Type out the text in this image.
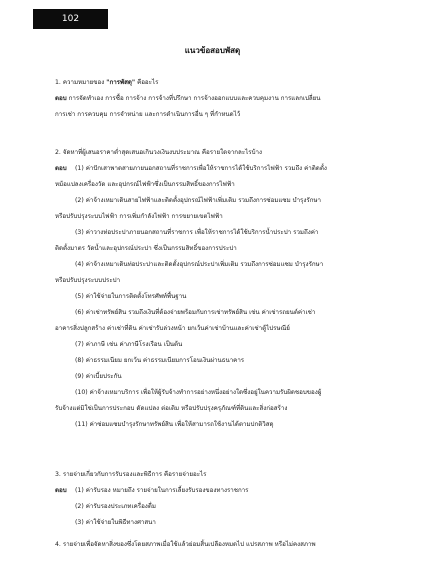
102
แนวข้อสอบพัสดุ
1. ความหมายของ "การพัสดุ" คืออะไร
ตอบ การจัดทำเอง การซื้อ การจ้าง การจ้างที่ปรึกษา การจ้างออกแบบและควบคุมงาน การแลกเปลี่ยน
การเช่า การควบคุม การจำหน่าย และการดำเนินการอื่น ๆ ที่กำหนดไว้
2. จัดหาที่ผู้เสนอราคาต่ำสุดเสนอเกินวงเงินงบประมาณ คือรายใดจากละไรบ้าง
ตอบ (1) ค่าปักเสาพาดสายภายนอกสถานที่ราชการเพื่อให้ราชการได้ใช้บริการไฟฟ้า รวมถึง ค่าติดตั้ง
หม้อแปลงเครื่องวัด และอุปกรณ์ไฟฟ้าซึ่งเป็นกรรมสิทธิ์ของการไฟฟ้า
(2) ค่าจ้างเหมาเดินสายไฟฟ้าและติดตั้งอุปกรณ์ไฟฟ้าเพิ่มเติม รวมถึงการซ่อมแซม บำรุงรักษา
หรือปรับปรุงระบบไฟฟ้า การเพิ่มกำลังไฟฟ้า การขยายเขตไฟฟ้า
(3) ค่าวางท่อประปาภายนอกสถานที่ราชการ เพื่อให้ราชการได้ใช้บริการน้ำประปา รวมถึงค่า
ติดตั้งมาตร วัดน้ำและอุปกรณ์ประปา ซึ่งเป็นกรรมสิทธิ์ของการประปา
(4) ค่าจ้างเหมาเดินท่อประปาและติดตั้งอุปกรณ์ประปาเพิ่มเติม รวมถึงการซ่อมแซม บำรุงรักษา
หรือปรับปรุงระบบประปา
(5) ค่าใช้จ่ายในการติดตั้งโทรศัพท์พื้นฐาน
(6) ค่าเช่าทรัพย์สิน รวมถึงเงินที่ต้องจ่ายพร้อมกับการเช่าทรัพย์สิน เช่น ค่าเช่ารถยนต์ค่าเช่า
อาคารสิ่งปลูกสร้าง ค่าเช่าที่ดิน ค่าเช่ารับล่วงหน้า ยกเว้นค่าเช่าบ้านและค่าเช่าตู้ไปรษณีย์
(7) ค่าภาษี เช่น ค่าภาษีโรงเรือน เป็นต้น
(8) ค่าธรรมเนียม ยกเว้น ค่าธรรมเนียมการโอนเงินผ่านธนาคาร
(9) ค่าเบี้ยประกัน
(10) ค่าจ้างเหมาบริการ เพื่อให้ผู้รับจ้างทำการอย่างหนึ่งอย่างใดซึ่งอยู่ในความรับผิดชอบของผู้
รับจ้างแต่มิใช่เป็นการประกอบ ดัดแปลง ต่อเติม หรือปรับปรุงครุภัณฑ์ที่ดินและสิ่งก่อสร้าง
(11) ค่าซ่อมแซมบำรุงรักษาทรัพย์สิน เพื่อให้สามารถใช้งานได้ตามปกติวิสดุ
3. รายจ่ายเกี่ยวกับการรับรองและพิธีการ คือรายจ่ายอะไร
ตอบ (1) ค่ารับรอง หมายถึง รายจ่ายในการเลี้ยงรับรองของทางราชการ
(2) ค่ารับรองประเภทเครื่องดื่ม
(3) ค่าใช้จ่ายในพิธีทางศาสนา
4. รายจ่ายเพื่อจัดหาสิ่งของซึ่งโดยสภาพเมื่อใช้แล้วย่อมสิ้นเปลืองหมดไป แปรสภาพ หรือไม่คงสภาพ
